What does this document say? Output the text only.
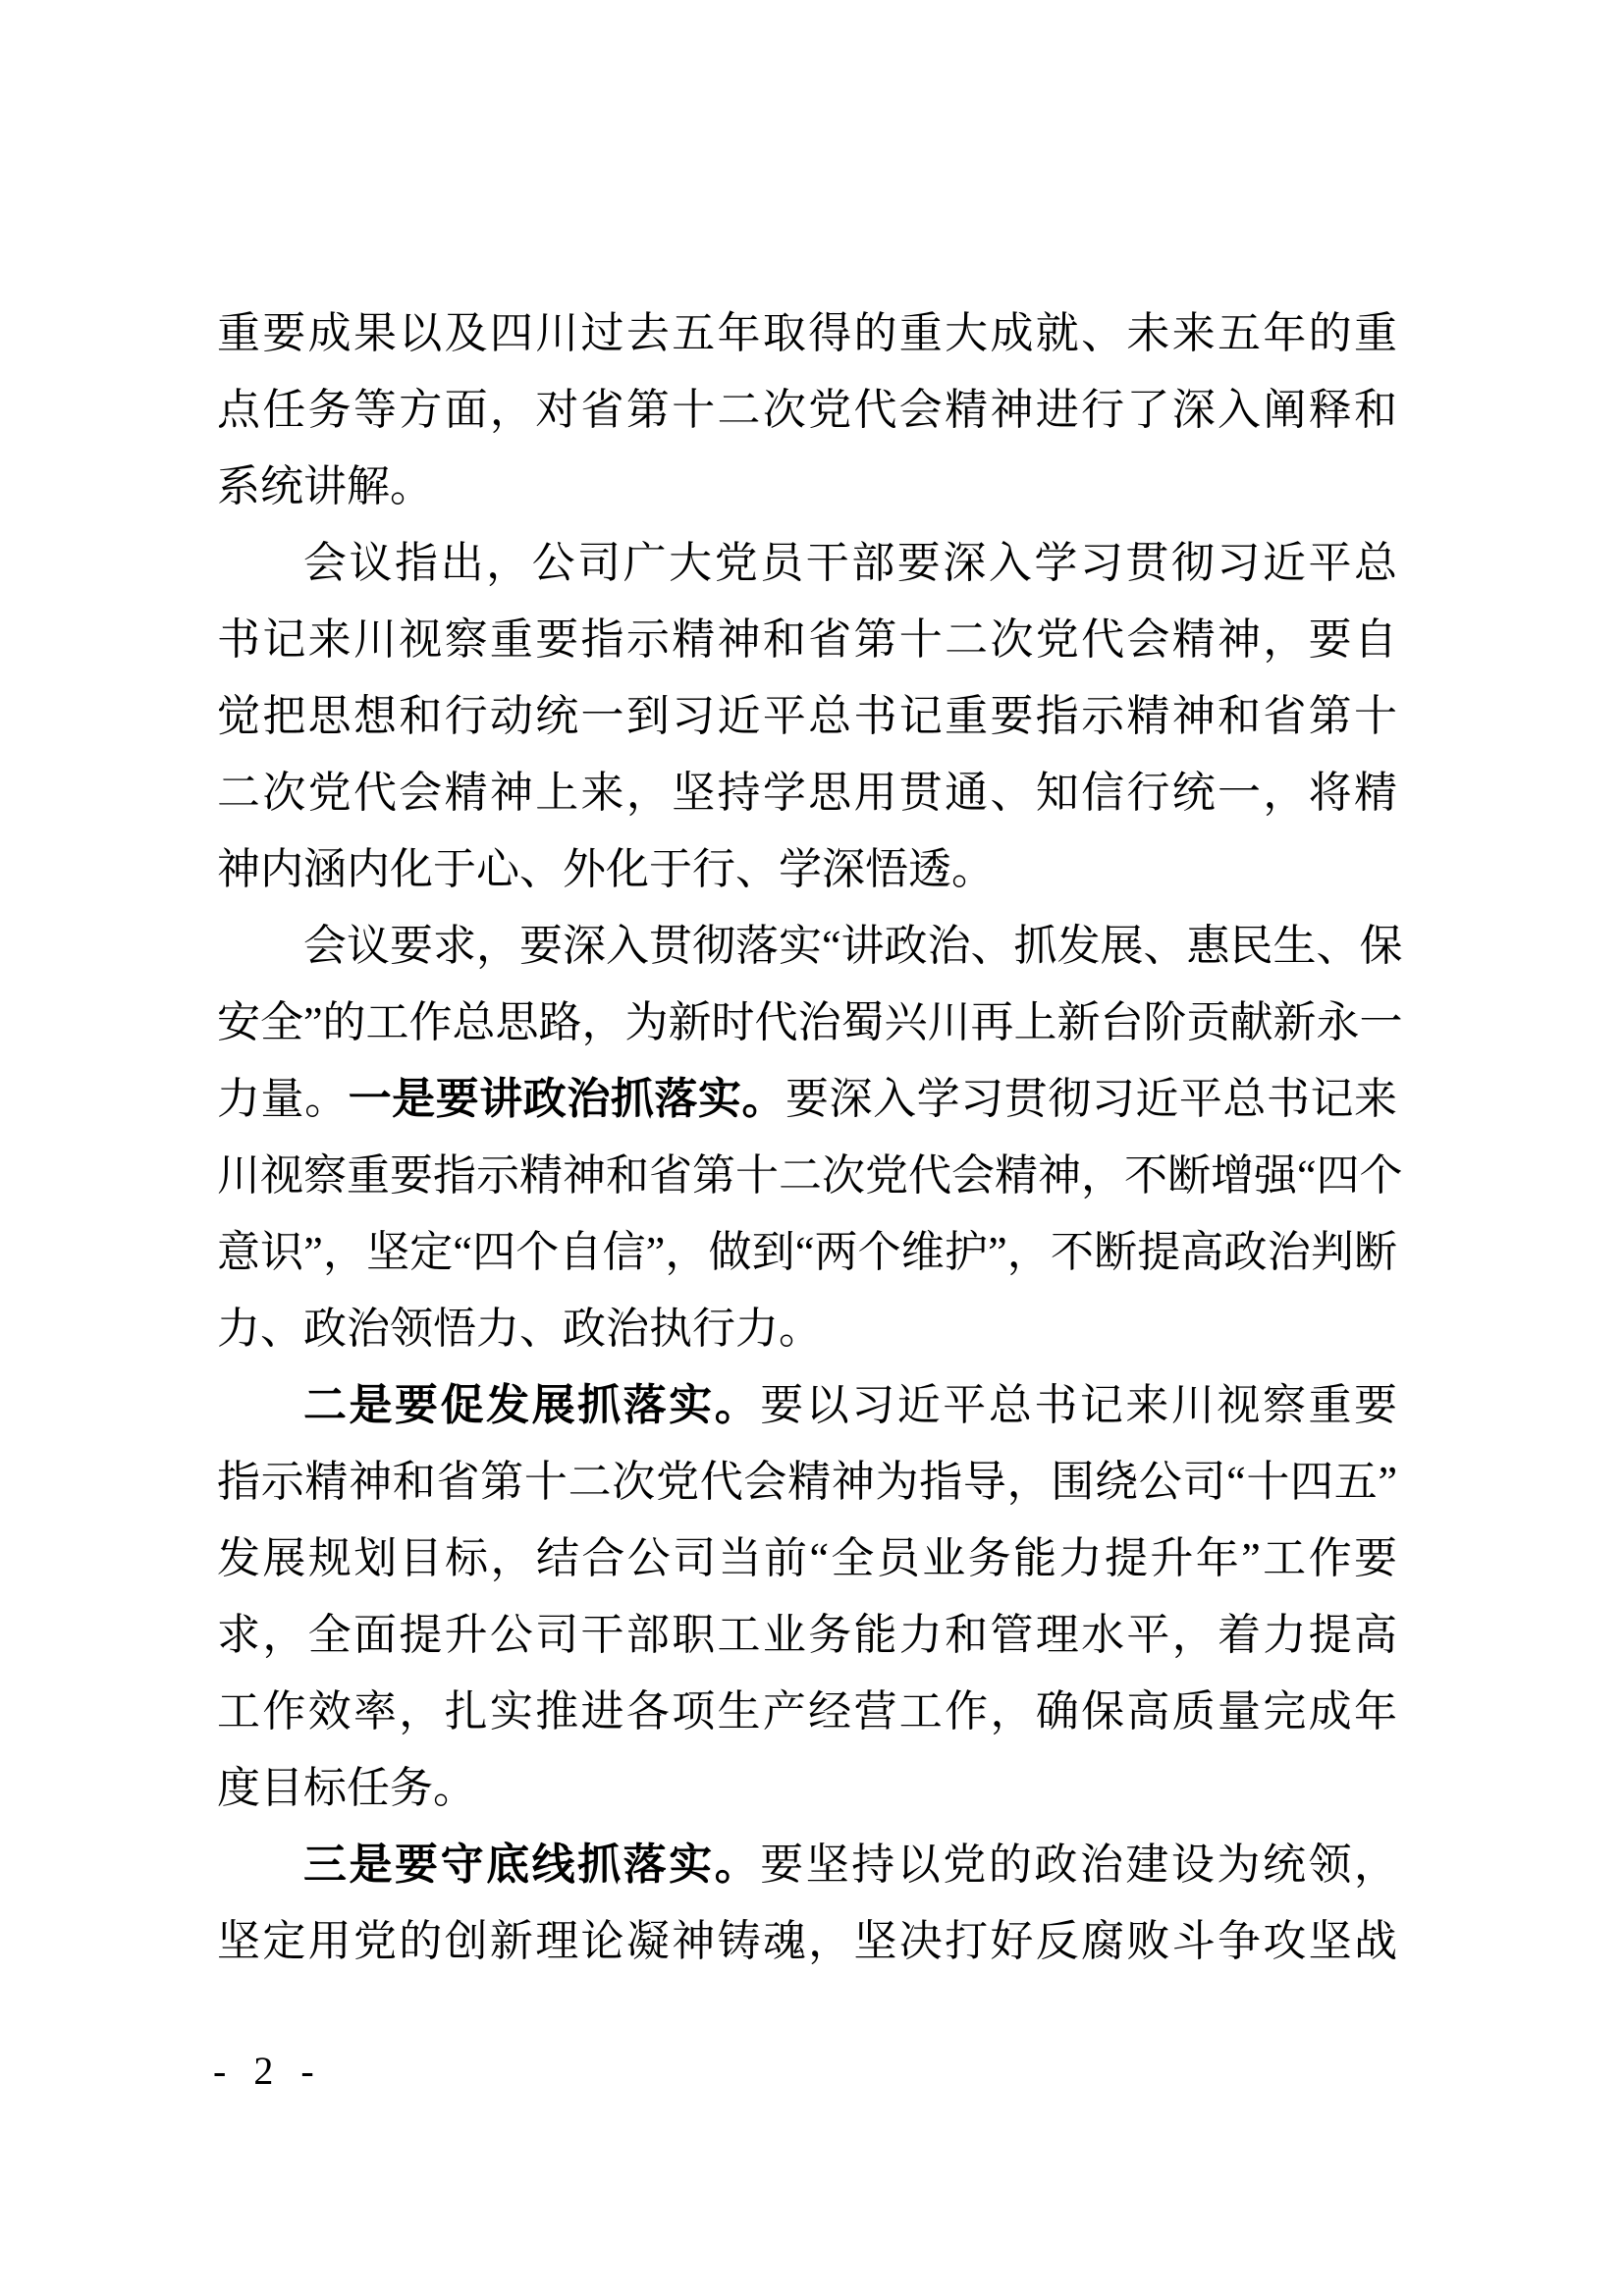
重要成果以及四川过去五年取得的重大成就、未来五年的重
点任务等方面，对省第十二次党代会精神进行了深入阐释和
系统讲解。
会议指出，公司广大党员干部要深入学习贯彻习近平总
书记来川视察重要指示精神和省第十二次党代会精神，要自
觉把思想和行动统一到习近平总书记重要指示精神和省第十
二次党代会精神上来，坚持学思用贯通、知信行统一，将精
神内涵内化于心、外化于行、学深悟透。
会议要求，要深入贯彻落实“讲政治、抓发展、惠民生、保
安全”的工作总思路，为新时代治蜀兴川再上新台阶贡献新永一
力量。一是要讲政治抓落实。要深入学习贯彻习近平总书记来
川视察重要指示精神和省第十二次党代会精神，不断增强“四个
意识”，坚定“四个自信”，做到“两个维护”，不断提高政治判断
力、政治领悟力、政治执行力。
二是要促发展抓落实。要以习近平总书记来川视察重要
指示精神和省第十二次党代会精神为指导，围绕公司“十四五”
发展规划目标，结合公司当前“全员业务能力提升年”工作要
求，全面提升公司干部职工业务能力和管理水平，着力提高
工作效率，扎实推进各项生产经营工作，确保高质量完成年
度目标任务。
三是要守底线抓落实。要坚持以党的政治建设为统领，
坚定用党的创新理论凝神铸魂，坚决打好反腐败斗争攻坚战
- 2 -
